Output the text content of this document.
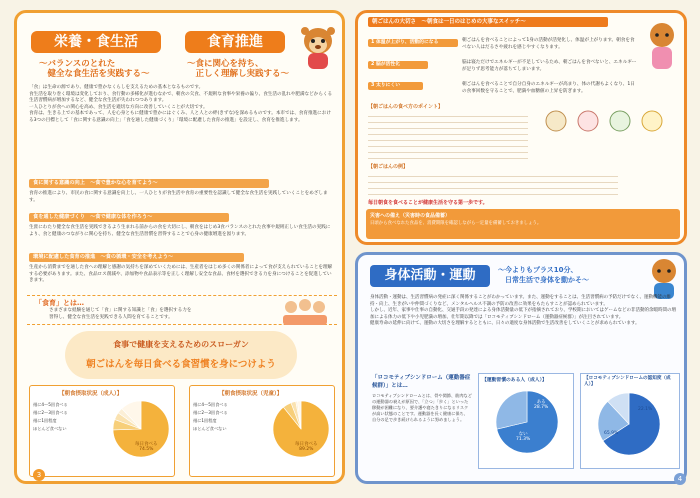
栄養・食生活	食育推進
～バランスのとれた
　健全な食生活を実践する～
～食に関心を持ち、
　正しく理解し実践する～
「食」は生命の源であり、健康で豊かなくらしを支えるための基本となるものです。
食生活を取り巻く環境は変化しており、食行動の多様化が進むなかで、朝食の欠食、不規則な食事や栄養の偏り、食生活の乱れや肥満などからくる生活習慣病が増加するなど、健全な食生活が失われつつあります。
一人ひとりが食への関心を高め、食生活を適切な方向に改善していくことが大切です。
食育は、生きる上での基本であって、人を心身ともに健康で豊かにはぐくみ、人と人との絆(きずな)を深めるものです。本市では、食育推進における3つの目標として「食に関する意識の向上」「食を通した健康づくり」「環境に配慮した食育の推進」を設定し、食育を推進します。
食に関する意識の向上　～食で豊かな心を育てよう～
食育の推進により、市民の食に関する意識を向上し、一人ひとりが食生活や食育の重要性を認識して健全な食生活を実践していくことをめざします。
食を通した健康づくり　～食で健康な体を作ろう～
生涯にわたり健全な食生活を実践できるよう生まれる前からの食を大切にし、朝食をはじめ3食バランスのとれた食事や規則正しい食生活の実践により、食と健康のつながりに関心を持ち、健全な食生活習慣を習得することで心身の健康増進を図ります。
環境に配慮した食育の推進　～食の循環・安全を考えよう～
生産から消費までを通した食への理解と感謝の気持ちを深めていくためには、生産者をはじめ多くの関係者によって食が支えられていることを理解する必要があります。また、食品ロス削減や、添加物や食品表示等を正しく理解し安全な食品、食材を選択できる力を身につけることを促進していきます。
「食育」とは…
さまざまな経験を通じて「食」に関する知識と「食」を選択する力を
習得し、健全な食生活を実践できる人間を育てることです。
食事で健康を支えるためのスローガン
朝ごはんを毎日食べる食習慣を身につけよう
【朝食摂取状況（成人）】
週に4～5回食べる
週に2～3回食べる
週に1回程度
ほとんど食べない
毎日食べる
74.5%
【朝食摂取状況（児童）】
週に4～5回食べる
週に2～3回食べる
週に1回程度
ほとんど食べない
毎日食べる
89.2%
3
朝ごはんの大切さ　～朝食は一日のはじめの大事なスイッチ～
1 体温が上がり、活動的になる	朝ごはんを食べることによって1身の活動が活発化し、体温が上がります。朝食を食べない人はだるさや疲れを感じやすくなります。
2 脳が活性化	脳は寝ただけでエネルギーが不足しているため、朝ごはんを食べないと、エネルギーが足りず思考能力が落ちてしまいます。
3 太りにくい	朝ごはんを食べることで自分自身のエネルギーが高まり、体の代謝もよくなり、1日の食事回数を守ることで、肥満や血糖値の上昇を防ぎます。
【朝ごはんの食べ方のポイント】
【朝ごはんの例】
毎日朝食を食べることが健康生活を守る第一歩です。
災害への備え（災害時の食品備蓄）
日頃から食べなれた食品を、消費期限を確認しながら一定量を備蓄しておきましょう。
身体活動・運動	～今よりもプラス10分、
　日常生活で身体を動かそ～
身体活動・運動は、生活習慣病の発症に深く関係することがわかっています。また、運動をすることは、生活習慣病の予防だけでなく、運動機能の維持・向上、生きがいや仲間づくりなど、メンタルヘルス不調の予防の改善に効果をもたらすことが認められています。
しかし、近年、家事や仕事の自動化、交通手段の発達による身体活動量の低下が指摘されており、学校期においてはゲームなどの非活動的余暇時間の増加による体力の低下や小児肥満の増加、壮年期以降では「ロコモティブシンドローム（運動器症候群）」が注目されています。
健康寿命の延伸に向けて、運動の大切さを理解するとともに、日々の適度な身体活動で生活改善をしていくことが求められています。
「ロコモティブシンドローム（運動器症候群）」とは…
ロコモティブシンドロームとは、骨や関節、筋肉などの運動器の衰えが原因で、「立つ」「歩く」といった移動が困難になり、要介護や寝たきりになるリスクが高い状態のことです。運動器を長く健康に保ち、自分の足で歩き続けられるように努めましょう。
【運動習慣のある人（成人）】
ない
71.3%
ある
28.7%
【ロコモティブシンドロームの認知度（成人）】
65.9%
22.1%
4
